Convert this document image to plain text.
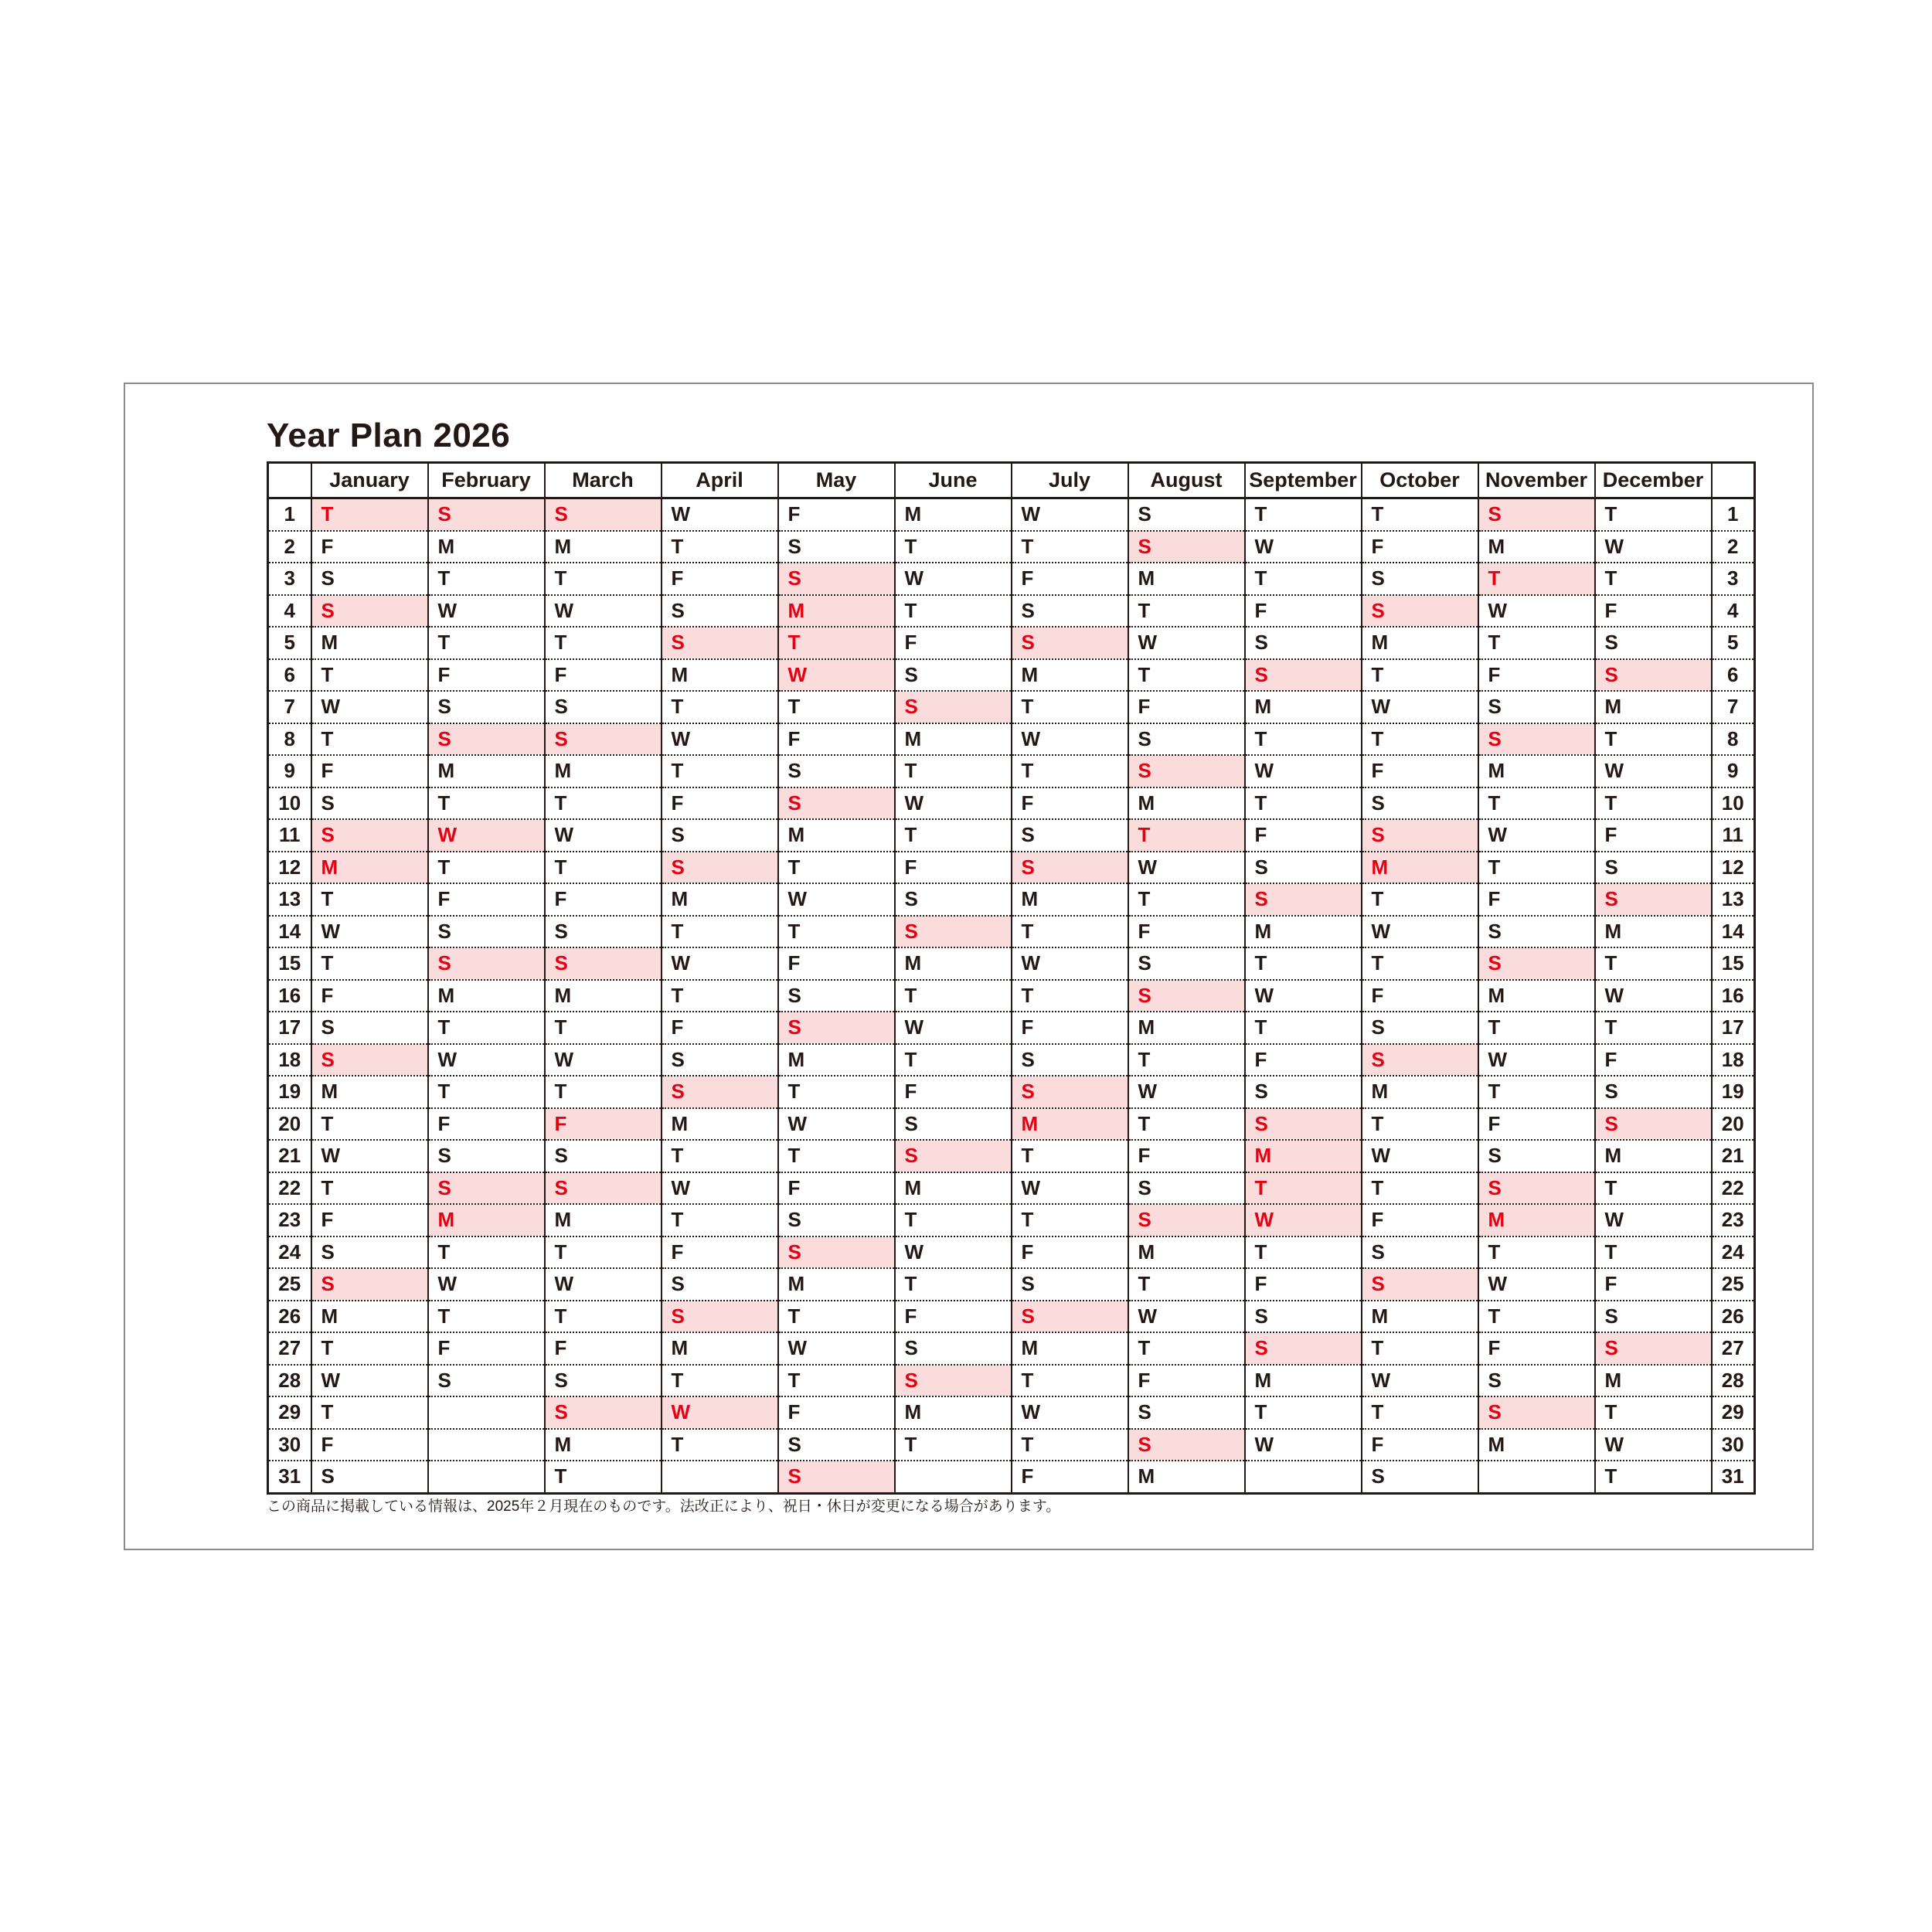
Year Plan 2026
	January	February	March	April	May	June	July	August	September	October	November	December	
1	T	S	S	W	F	M	W	S	T	T	S	T	1
2	F	M	M	T	S	T	T	S	W	F	M	W	2
3	S	T	T	F	S	W	F	M	T	S	T	T	3
4	S	W	W	S	M	T	S	T	F	S	W	F	4
5	M	T	T	S	T	F	S	W	S	M	T	S	5
6	T	F	F	M	W	S	M	T	S	T	F	S	6
7	W	S	S	T	T	S	T	F	M	W	S	M	7
8	T	S	S	W	F	M	W	S	T	T	S	T	8
9	F	M	M	T	S	T	T	S	W	F	M	W	9
10	S	T	T	F	S	W	F	M	T	S	T	T	10
11	S	W	W	S	M	T	S	T	F	S	W	F	11
12	M	T	T	S	T	F	S	W	S	M	T	S	12
13	T	F	F	M	W	S	M	T	S	T	F	S	13
14	W	S	S	T	T	S	T	F	M	W	S	M	14
15	T	S	S	W	F	M	W	S	T	T	S	T	15
16	F	M	M	T	S	T	T	S	W	F	M	W	16
17	S	T	T	F	S	W	F	M	T	S	T	T	17
18	S	W	W	S	M	T	S	T	F	S	W	F	18
19	M	T	T	S	T	F	S	W	S	M	T	S	19
20	T	F	F	M	W	S	M	T	S	T	F	S	20
21	W	S	S	T	T	S	T	F	M	W	S	M	21
22	T	S	S	W	F	M	W	S	T	T	S	T	22
23	F	M	M	T	S	T	T	S	W	F	M	W	23
24	S	T	T	F	S	W	F	M	T	S	T	T	24
25	S	W	W	S	M	T	S	T	F	S	W	F	25
26	M	T	T	S	T	F	S	W	S	M	T	S	26
27	T	F	F	M	W	S	M	T	S	T	F	S	27
28	W	S	S	T	T	S	T	F	M	W	S	M	28
29	T		S	W	F	M	W	S	T	T	S	T	29
30	F		M	T	S	T	T	S	W	F	M	W	30
31	S		T		S		F	M		S		T	31
この商品に掲載している情報は、2025年２月現在のものです。法改正により、祝日・休日が変更になる場合があります。
